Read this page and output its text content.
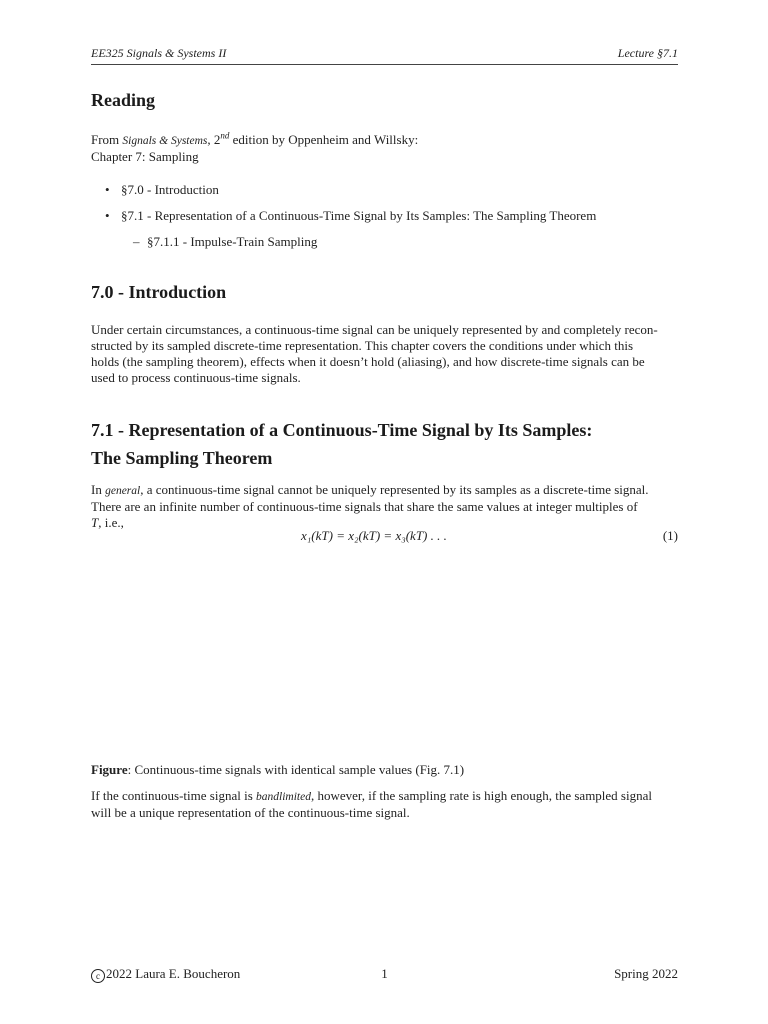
EE325 Signals & Systems II	Lecture §7.1
Reading
From Signals & Systems, 2nd edition by Oppenheim and Willsky:
Chapter 7: Sampling
• §7.0 - Introduction
• §7.1 - Representation of a Continuous-Time Signal by Its Samples: The Sampling Theorem
– §7.1.1 - Impulse-Train Sampling
7.0 - Introduction
Under certain circumstances, a continuous-time signal can be uniquely represented by and completely recon-
structed by its sampled discrete-time representation. This chapter covers the conditions under which this
holds (the sampling theorem), effects when it doesn’t hold (aliasing), and how discrete-time signals can be
used to process continuous-time signals.
7.1 - Representation of a Continuous-Time Signal by Its Samples:
The Sampling Theorem
In general, a continuous-time signal cannot be uniquely represented by its samples as a discrete-time signal.
There are an infinite number of continuous-time signals that share the same values at integer multiples of
T, i.e.,
x₁(kT) = x₂(kT) = x₃(kT) . . .	(1)
Figure: Continuous-time signals with identical sample values (Fig. 7.1)
If the continuous-time signal is bandlimited, however, if the sampling rate is high enough, the sampled signal
will be a unique representation of the continuous-time signal.
c 2022 Laura E. Boucheron	1	Spring 2022
